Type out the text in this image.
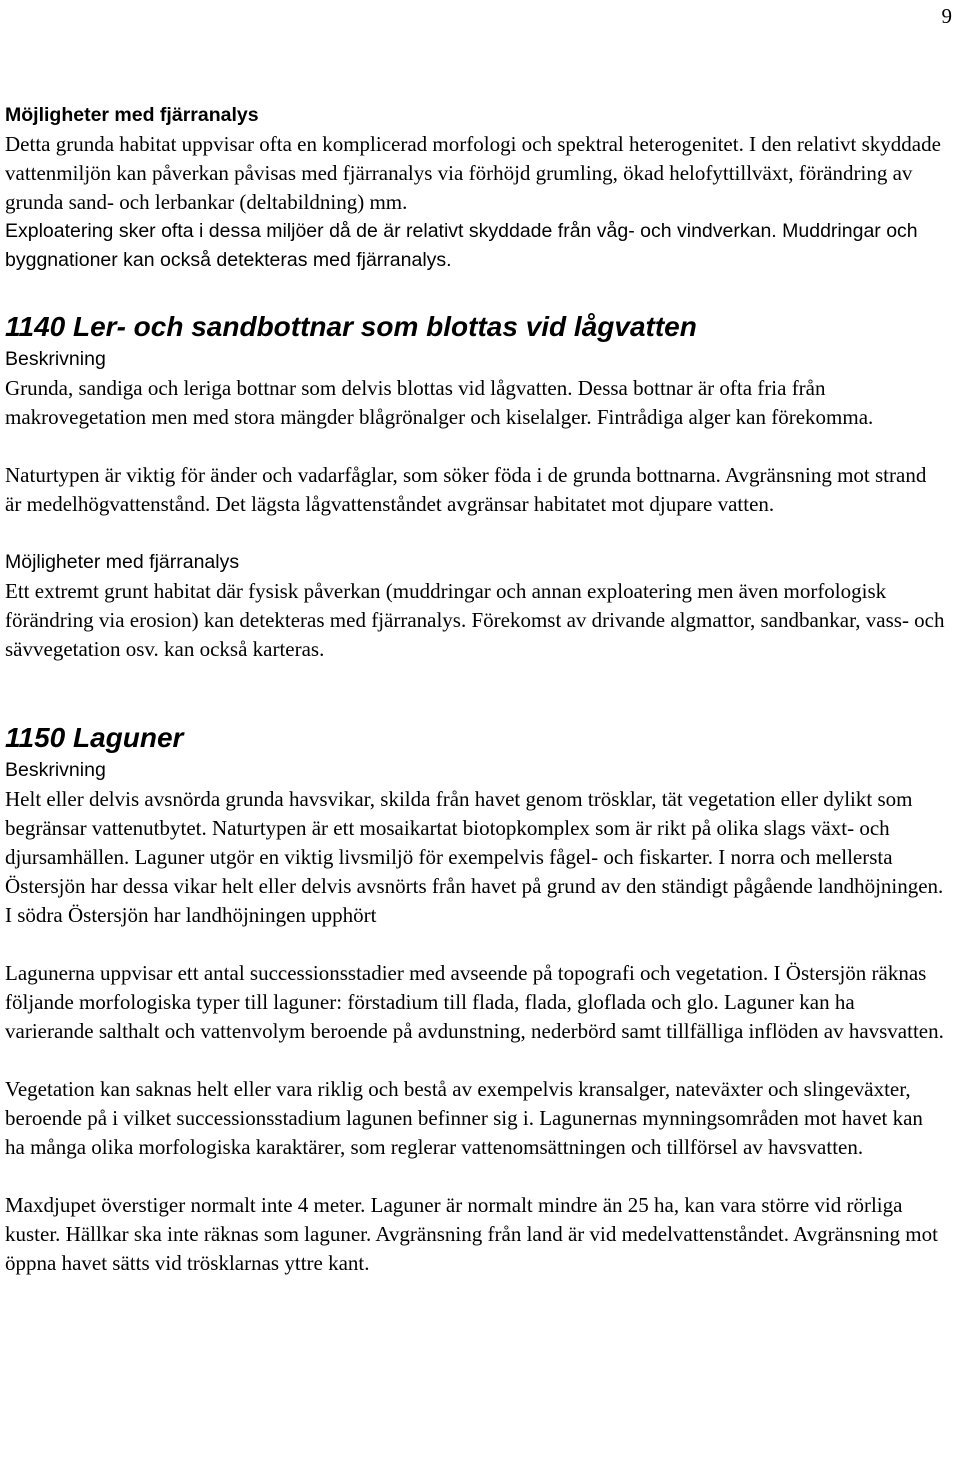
9

Möjligheter med fjärranalys

Detta grunda habitat uppvisar ofta en komplicerad morfologi och spektral heterogenitet. I den relativt skyddade vattenmiljön kan påverkan påvisas med fjärranalys via förhöjd grumling, ökad helofyttillväxt, förändring av grunda sand- och lerbankar (deltabildning) mm.

Exploatering sker ofta i dessa miljöer då de är relativt skyddade från våg- och vindverkan. Muddringar och byggnationer kan också detekteras med fjärranalys.

1140 Ler- och sandbottnar som blottas vid lågvatten

Beskrivning

Grunda, sandiga och leriga bottnar som delvis blottas vid lågvatten. Dessa bottnar är ofta fria från makrovegetation men med stora mängder blågrönalger och kiselalger. Fintrådiga alger kan förekomma.

Naturtypen är viktig för änder och vadarfåglar, som söker föda i de grunda bottnarna. Avgränsning mot strand är medelhögvattenstånd. Det lägsta lågvattenståndet avgränsar habitatet mot djupare vatten.

Möjligheter med fjärranalys

Ett extremt grunt habitat där fysisk påverkan (muddringar och annan exploatering men även morfologisk förändring via erosion) kan detekteras med fjärranalys. Förekomst av drivande algmattor, sandbankar, vass- och sävvegetation osv. kan också karteras.

1150 Laguner

Beskrivning

Helt eller delvis avsnörda grunda havsvikar, skilda från havet genom trösklar, tät vegetation eller dylikt som begränsar vattenutbytet. Naturtypen är ett mosaikartat biotopkomplex som är rikt på olika slags växt- och djursamhällen. Laguner utgör en viktig livsmiljö för exempelvis fågel- och fiskarter. I norra och mellersta Östersjön har dessa vikar helt eller delvis avsnörts från havet på grund av den ständigt pågående landhöjningen. I södra Östersjön har landhöjningen upphört

Lagunerna uppvisar ett antal successionsstadier med avseende på topografi och vegetation. I Östersjön räknas följande morfologiska typer till laguner: förstadium till flada, flada, gloflada och glo. Laguner kan ha varierande salthalt och vattenvolym beroende på avdunstning, nederbörd samt tillfälliga inflöden av havsvatten.

Vegetation kan saknas helt eller vara riklig och bestå av exempelvis kransalger, nateväxter och slingeväxter, beroende på i vilket successionsstadium lagunen befinner sig i. Lagunernas mynningsområden mot havet kan ha många olika morfologiska karaktärer, som reglerar vattenomsättningen och tillförsel av havsvatten.

Maxdjupet överstiger normalt inte 4 meter. Laguner är normalt mindre än 25 ha, kan vara större vid rörliga kuster. Hällkar ska inte räknas som laguner. Avgränsning från land är vid medelvattenståndet. Avgränsning mot öppna havet sätts vid trösklarnas yttre kant.
